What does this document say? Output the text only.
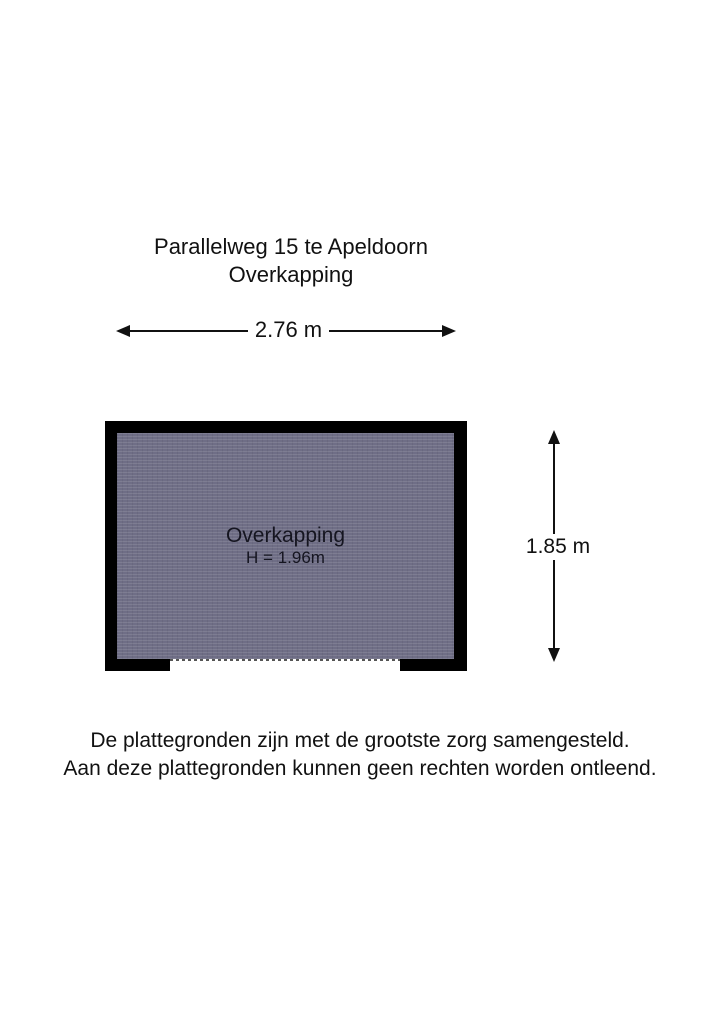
Parallelweg 15 te Apeldoorn
Overkapping
2.76 m
Overkapping
H = 1.96m	1.85 m
De plattegronden zijn met de grootste zorg samengesteld.
Aan deze plattegronden kunnen geen rechten worden ontleend.
